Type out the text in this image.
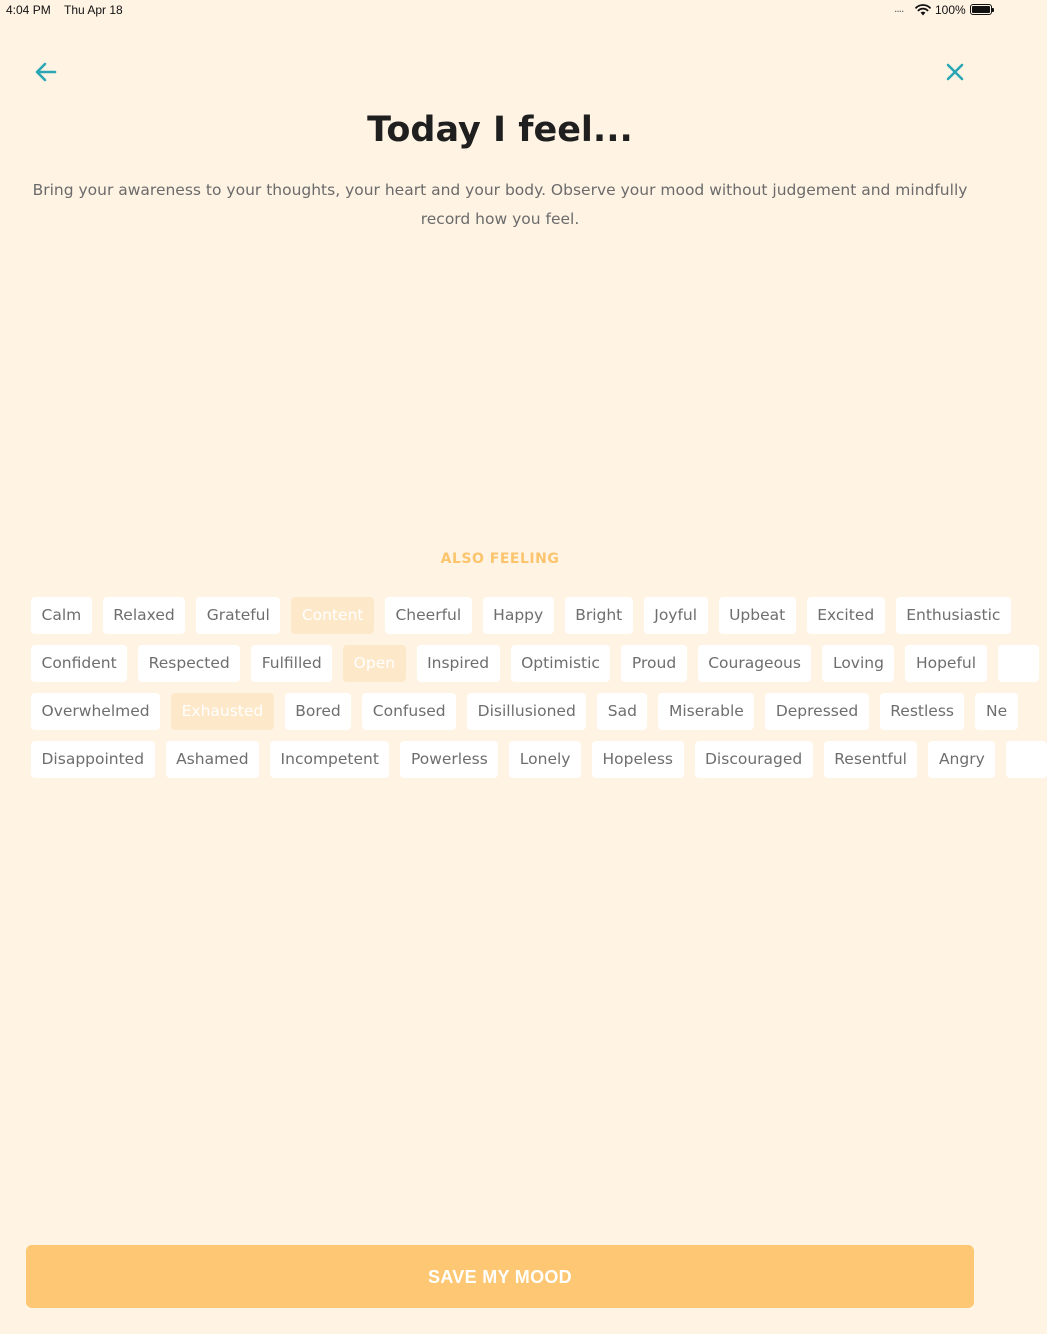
4:04 PM Thu Apr 18	....	100%
Today I feel...
Bring your awareness to your thoughts, your heart and your body. Observe your mood without judgement and mindfully record how you feel.
ALSO FEELING
Calm	Relaxed	Grateful	Content	Cheerful	Happy	Bright	Joyful	Upbeat	Excited	Enthusiastic
Confident	Respected	Fulfilled	Open	Inspired	Optimistic	Proud	Courageous	Loving	Hopeful
Overwhelmed	Exhausted	Bored	Confused	Disillusioned	Sad	Miserable	Depressed	Restless	Ne
Disappointed	Ashamed	Incompetent	Powerless	Lonely	Hopeless	Discouraged	Resentful	Angry
SAVE MY MOOD
